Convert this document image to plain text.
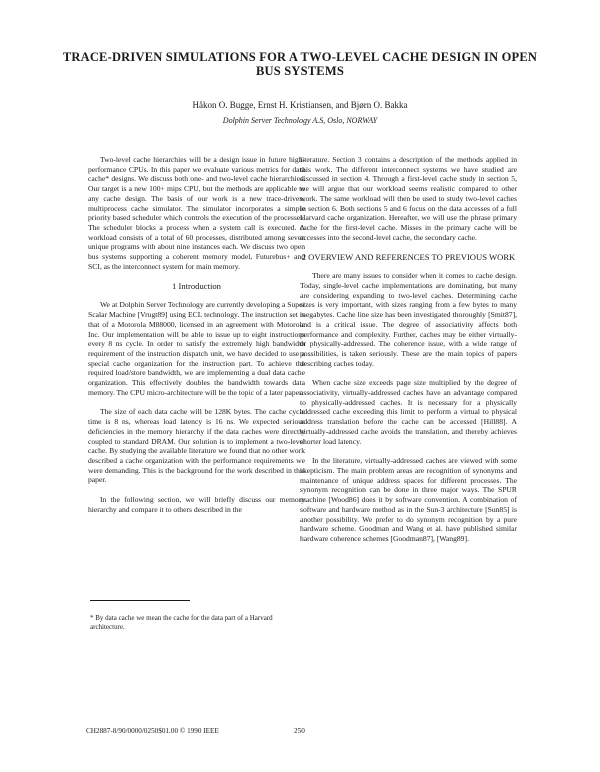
TRACE-DRIVEN SIMULATIONS FOR A TWO-LEVEL CACHE DESIGN IN OPEN BUS SYSTEMS
Håkon O. Bugge, Ernst H. Kristiansen, and Bjørn O. Bakka
Dolphin Server Technology A.S, Oslo, NORWAY

Two-level cache hierarchies will be a design issue in future high-performance CPUs. In this paper we evaluate various metrics for data cache* designs. We discuss both one- and two-level cache hierarchies. Our target is a new 100+ mips CPU, but the methods are applicable to any cache design. The basis of our work is a new trace-driven, multiprocess cache simulator. The simulator incorporates a simple priority based scheduler which controls the execution of the processes. The scheduler blocks a process when a system call is executed. A workload consists of a total of 60 processes, distributed among seven unique programs with about nine instances each. We discuss two open bus systems supporting a coherent memory model, Futurebus+ and SCI, as the interconnect system for main memory.

1 Introduction

We at Dolphin Server Technology are currently developing a Super Scalar Machine [Vrugt89] using ECL technology. The instruction set is that of a Motorola M88000, licensed in an agreement with Motorola Inc. Our implementation will be able to issue up to eight instructions every 8 ns cycle. In order to satisfy the extremely high bandwidth requirement of the instruction dispatch unit, we have decided to use a special cache organization for the instruction part. To achieve the required load/store bandwidth, we are implementing a dual data cache organization. This effectively doubles the bandwidth towards data memory. The CPU micro-architecture will be the topic of a later paper.

The size of each data cache will be 128K bytes. The cache cycle time is 8 ns, whereas load latency is 16 ns. We expected serious deficiencies in the memory hierarchy if the data caches were directly coupled to standard DRAM. Our solution is to implement a two-level cache. By studying the available literature we found that no other work described a cache organization with the performance requirements we were demanding. This is the background for the work described in this paper.

In the following section, we will briefly discuss our memory hierarchy and compare it to others described in the

* By data cache we mean the cache for the data part of a Harvard architecture.

literature. Section 3 contains a description of the methods applied in this work. The different interconnect systems we have studied are discussed in section 4. Through a first-level cache study in section 5, we will argue that our workload seems realistic compared to other work. The same workload will then be used to study two-level caches in section 6. Both sections 5 and 6 focus on the data accesses of a full Harvard cache organization. Hereafter, we will use the phrase primary cache for the first-level cache. Misses in the primary cache will be accesses into the second-level cache, the secondary cache.

2 OVERVIEW AND REFERENCES TO PREVIOUS WORK

There are many issues to consider when it comes to cache design. Today, single-level cache implementations are dominating, but many are considering expanding to two-level caches. Determining cache sizes is very important, with sizes ranging from a few bytes to many megabytes. Cache line size has been investigated thoroughly [Smit87], and is a critical issue. The degree of associativity affects both performance and complexity. Further, caches may be either virtually- or physically-addressed. The coherence issue, with a wide range of possibilities, is taken seriously. These are the main topics of papers describing caches today.

When cache size exceeds page size multiplied by the degree of associativity, virtually-addressed caches have an advantage compared to physically-addressed caches. It is necessary for a physically addressed cache exceeding this limit to perform a virtual to physical address translation before the cache can be accessed [Hill88]. A virtually-addressed cache avoids the translation, and thereby achieves shorter load latency.

In the literature, virtually-addressed caches are viewed with some skepticism. The main problem areas are recognition of synonyms and maintenance of unique address spaces for different processes. The synonym recognition can be done in three major ways. The SPUR machine [Wood86] does it by software convention. A combination of software and hardware method as in the Sun-3 architecture [Sun85] is another possibility. We prefer to do synonym recognition by a pure hardware scheme. Goodman and Wang et al. have published similar hardware coherence schemes [Goodman87], [Wang89].

CH2887-8/90/0000/0250$01.00 © 1990 IEEE	250
